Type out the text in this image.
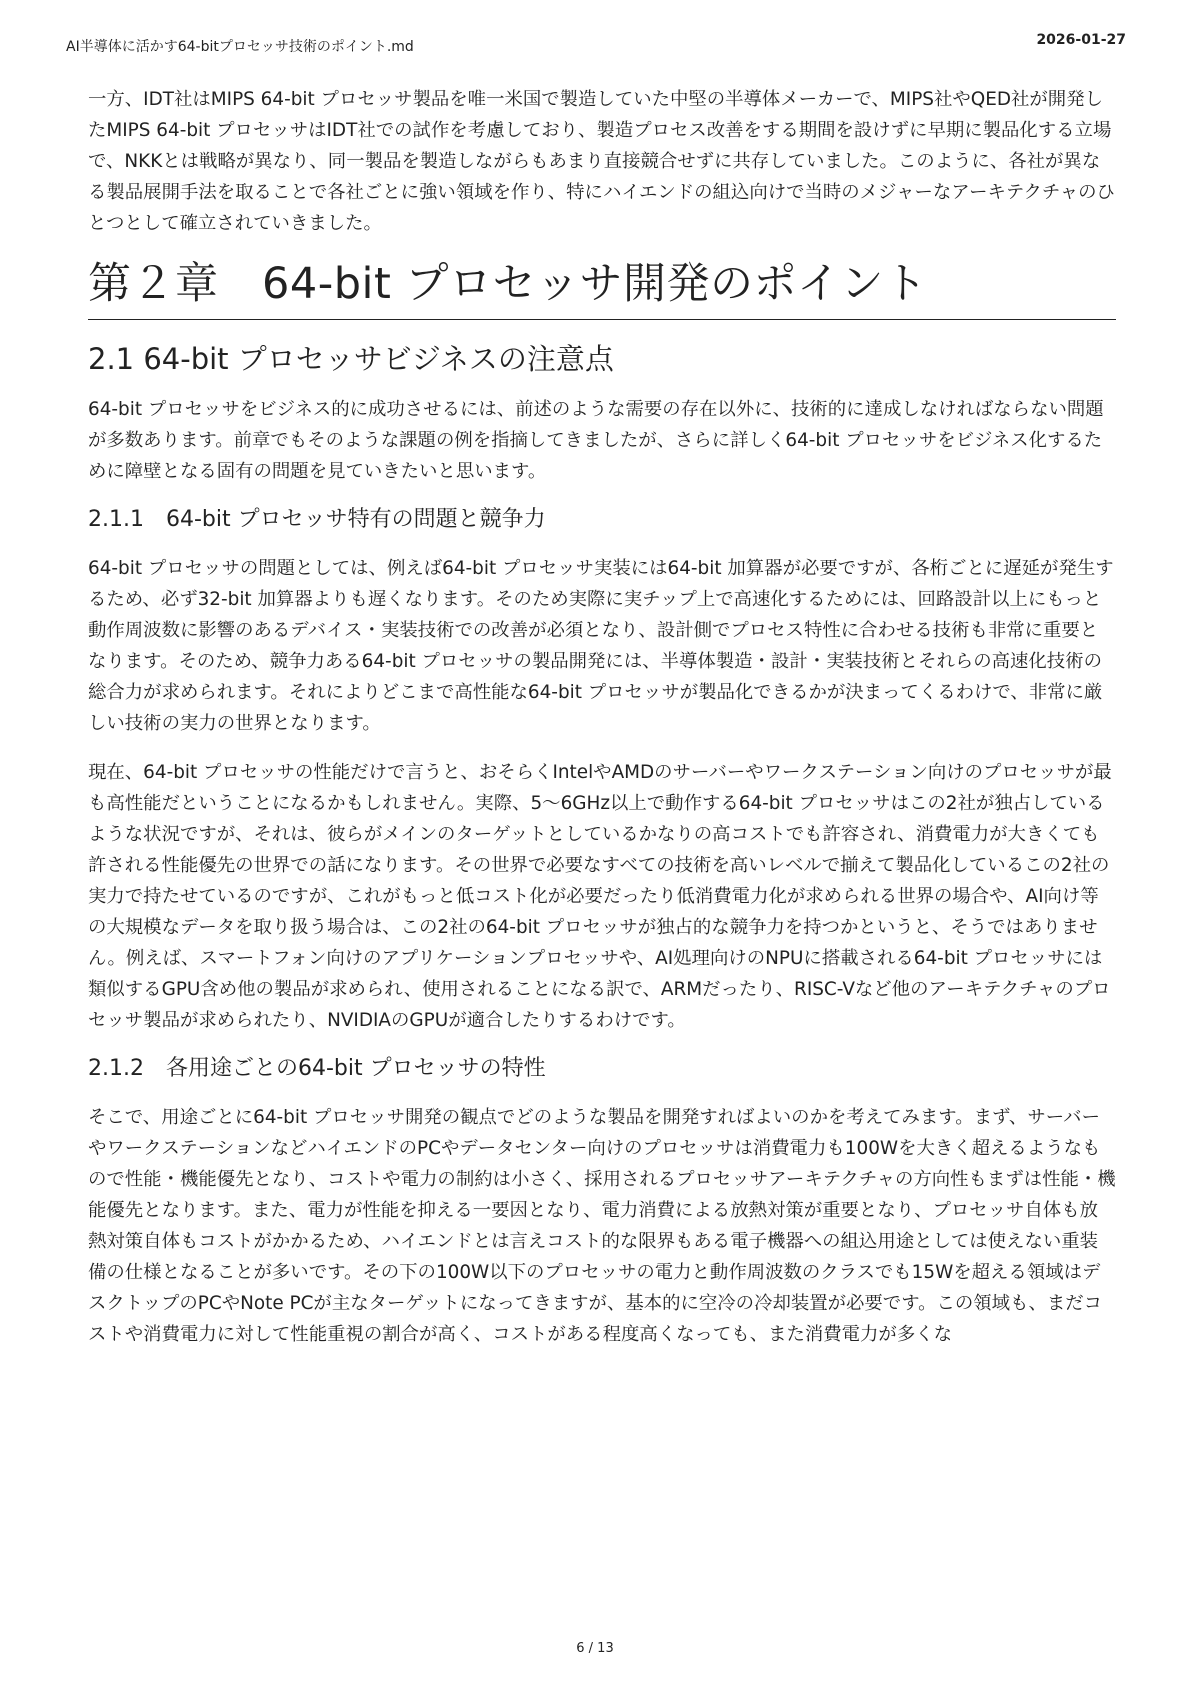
AI半導体に活かす64-bitプロセッサ技術のポイント.md	2026-01-27

一方、IDT社はMIPS 64-bit プロセッサ製品を唯一米国で製造していた中堅の半導体メーカーで、MIPS社やQED社が開発したMIPS 64-bit プロセッサはIDT社での試作を考慮しており、製造プロセス改善をする期間を設けずに早期に製品化する立場で、NKKとは戦略が異なり、同一製品を製造しながらもあまり直接競合せずに共存していました。このように、各社が異なる製品展開手法を取ることで各社ごとに強い領域を作り、特にハイエンドの組込向けで当時のメジャーなアーキテクチャのひとつとして確立されていきました。

第２章　64-bit プロセッサ開発のポイント
2.1 64-bit プロセッサビジネスの注意点

64-bit プロセッサをビジネス的に成功させるには、前述のような需要の存在以外に、技術的に達成しなければならない問題が多数あります。前章でもそのような課題の例を指摘してきましたが、さらに詳しく64-bit プロセッサをビジネス化するために障壁となる固有の問題を見ていきたいと思います。

2.1.1　64-bit プロセッサ特有の問題と競争力

64-bit プロセッサの問題としては、例えば64-bit プロセッサ実装には64-bit 加算器が必要ですが、各桁ごとに遅延が発生するため、必ず32-bit 加算器よりも遅くなります。そのため実際に実チップ上で高速化するためには、回路設計以上にもっと動作周波数に影響のあるデバイス・実装技術での改善が必須となり、設計側でプロセス特性に合わせる技術も非常に重要となります。そのため、競争力ある64-bit プロセッサの製品開発には、半導体製造・設計・実装技術とそれらの高速化技術の総合力が求められます。それによりどこまで高性能な64-bit プロセッサが製品化できるかが決まってくるわけで、非常に厳しい技術の実力の世界となります。

現在、64-bit プロセッサの性能だけで言うと、おそらくIntelやAMDのサーバーやワークステーション向けのプロセッサが最も高性能だということになるかもしれません。実際、5～6GHz以上で動作する64-bit プロセッサはこの2社が独占しているような状況ですが、それは、彼らがメインのターゲットとしているかなりの高コストでも許容され、消費電力が大きくても許される性能優先の世界での話になります。その世界で必要なすべての技術を高いレベルで揃えて製品化しているこの2社の実力で持たせているのですが、これがもっと低コスト化が必要だったり低消費電力化が求められる世界の場合や、AI向け等の大規模なデータを取り扱う場合は、この2社の64-bit プロセッサが独占的な競争力を持つかというと、そうではありません。例えば、スマートフォン向けのアプリケーションプロセッサや、AI処理向けのNPUに搭載される64-bit プロセッサには類似するGPU含め他の製品が求められ、使用されることになる訳で、ARMだったり、RISC-Vなど他のアーキテクチャのプロセッサ製品が求められたり、NVIDIAのGPUが適合したりするわけです。

2.1.2　各用途ごとの64-bit プロセッサの特性

そこで、用途ごとに64-bit プロセッサ開発の観点でどのような製品を開発すればよいのかを考えてみます。まず、サーバーやワークステーションなどハイエンドのPCやデータセンター向けのプロセッサは消費電力も100Wを大きく超えるようなもので性能・機能優先となり、コストや電力の制約は小さく、採用されるプロセッサアーキテクチャの方向性もまずは性能・機能優先となります。また、電力が性能を抑える一要因となり、電力消費による放熱対策が重要となり、プロセッサ自体も放熱対策自体もコストがかかるため、ハイエンドとは言えコスト的な限界もある電子機器への組込用途としては使えない重装備の仕様となることが多いです。その下の100W以下のプロセッサの電力と動作周波数のクラスでも15Wを超える領域はデスクトップのPCやNote PCが主なターゲットになってきますが、基本的に空冷の冷却装置が必要です。この領域も、まだコストや消費電力に対して性能重視の割合が高く、コストがある程度高くなっても、また消費電力が多くな

6 / 13
